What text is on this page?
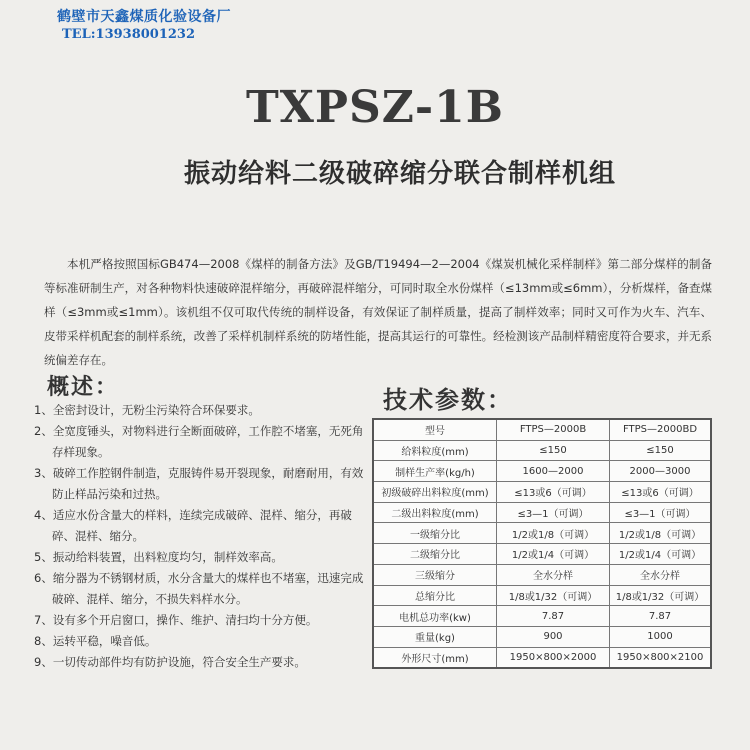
鹤壁市天鑫煤质化验设备厂
TEL:13938001232
TXPSZ-1B
振动给料二级破碎缩分联合制样机组

本机严格按照国标GB474—2008《煤样的制备方法》及GB/T19494—2—2004《煤炭机械化采样制样》第二部分煤样的制备等标准研制生产，对各种物料快速破碎混样缩分，再破碎混样缩分，可同时取全水份煤样（≤13mm或≤6mm），分析煤样，备查煤样（≤3mm或≤1mm）。该机组不仅可取代传统的制样设备，有效保证了制样质量，提高了制样效率；同时又可作为火车、汽车、皮带采样机配套的制样系统，改善了采样机制样系统的防堵性能，提高其运行的可靠性。经检测该产品制样精密度符合要求，并无系统偏差存在。

概述：
1、全密封设计，无粉尘污染符合环保要求。
2、全宽度锤头，对物料进行全断面破碎，工作腔不堵塞，无死角存样现象。
3、破碎工作腔钢件制造，克服铸件易开裂现象，耐磨耐用，有效防止样品污染和过热。
4、适应水份含量大的样料，连续完成破碎、混样、缩分，再破碎、混样、缩分。
5、振动给料装置，出料粒度均匀，制样效率高。
6、缩分器为不锈钢材质，水分含量大的煤样也不堵塞，迅速完成破碎、混样、缩分，不损失料样水分。
7、设有多个开启窗口，操作、维护、清扫均十分方便。
8、运转平稳，噪音低。
9、一切传动部件均有防护设施，符合安全生产要求。
技术参数：
型号	FTPS—2000B	FTPS—2000BD
给料粒度(mm)	≤150	≤150
制样生产率(kg/h)	1600—2000	2000—3000
初级破碎出料粒度(mm)	≤13或6（可调）	≤13或6（可调）
二级出料粒度(mm)	≤3—1（可调）	≤3—1（可调）
一级缩分比	1/2或1/8（可调）	1/2或1/8（可调）
二级缩分比	1/2或1/4（可调）	1/2或1/4（可调）
三级缩分	全水分样	全水分样
总缩分比	1/8或1/32（可调）	1/8或1/32（可调）
电机总功率(kw)	7.87	7.87
重量(kg)	900	1000
外形尺寸(mm)	1950×800×2000	1950×800×2100
